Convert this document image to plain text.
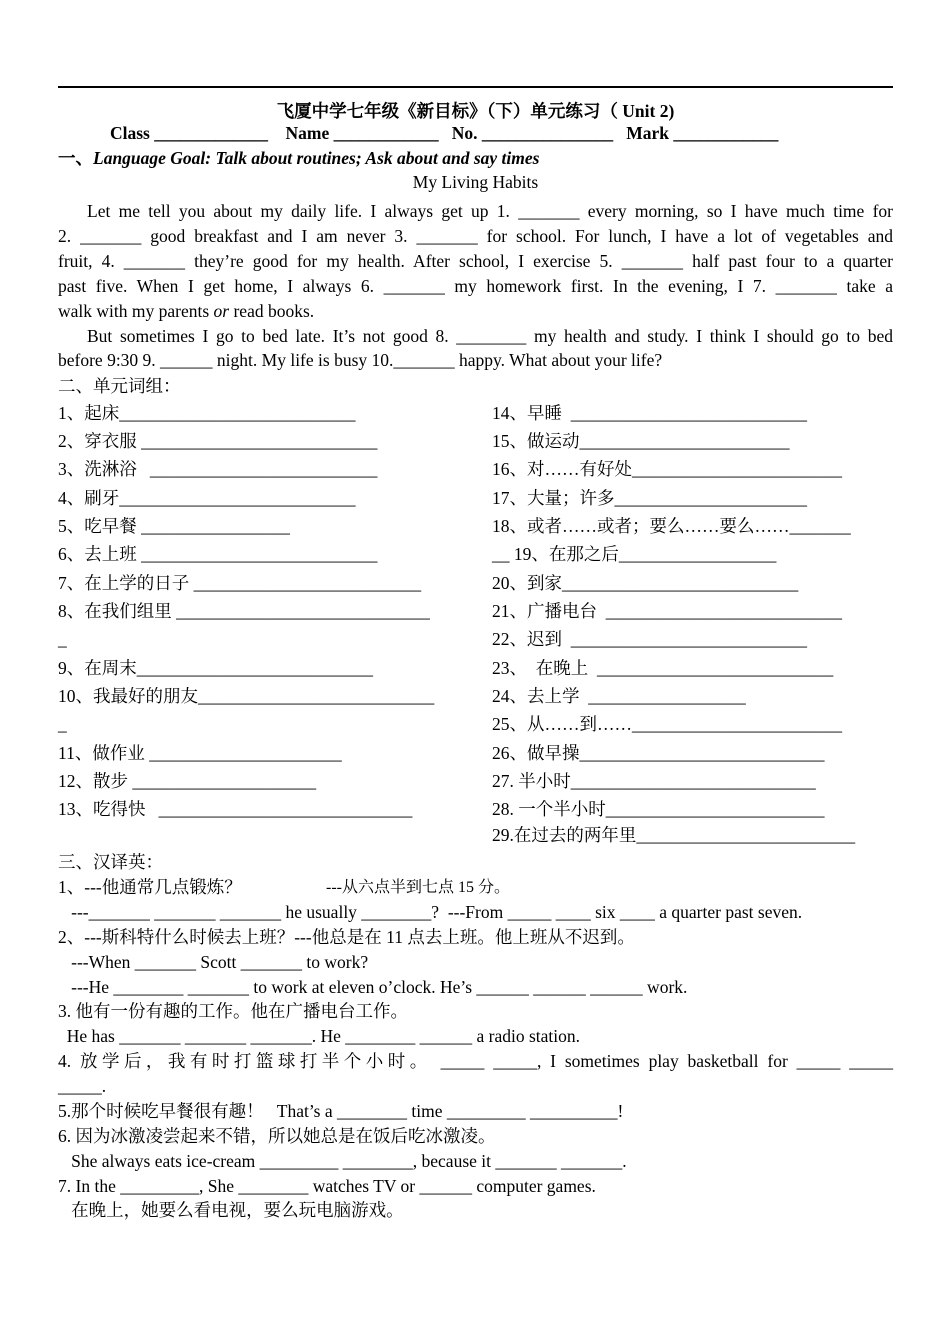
飞厦中学七年级《新目标》（下）单元练习（ Unit 2)
Class _____________    Name ____________   No. _______________   Mark ____________
一、Language Goal: Talk about routines; Ask about and say times
My Living Habits
Let me tell you about my daily life. I always get up 1. _______ every morning, so I have much time for
2. _______ good breakfast and I am never 3. _______ for school. For lunch, I have a lot of vegetables and
fruit, 4. _______ they’re good for my health. After school, I exercise 5. _______ half past four to a quarter
past five. When I get home, I always 6. _______ my homework first. In the evening, I 7. _______ take a
walk with my parents or read books.
But sometimes I go to bed late. It’s not good 8. ________ my health and study. I think I should go to bed
before 9:30 9. ______ night. My life is busy 10._______ happy. What about your life?
二、单元词组：
1、起床___________________________
2、穿衣服 ___________________________
3、洗淋浴   __________________________
4、刷牙___________________________
5、吃早餐 _________________
6、去上班 ___________________________
7、在上学的日子 __________________________
8、在我们组里 _____________________________
_
9、在周末___________________________
10、我最好的朋友___________________________
_
11、做作业 ______________________
12、散步 _____________________
13、吃得快   _____________________________
14、早睡  ___________________________
15、做运动________________________
16、对……有好处________________________
17、大量；许多______________________
18、或者……或者；要么……要么……_______
__ 19、在那之后__________________
20、到家___________________________
21、广播电台  ___________________________
22、迟到  ___________________________
23、  在晚上  ___________________________
24、去上学  __________________
25、从……到……________________________
26、做早操____________________________
27. 半小时____________________________
28. 一个半小时_________________________
29.在过去的两年里_________________________
三、汉译英：
1、---他通常几点锻炼？	---从六点半到七点 15 分。
---_______ _______ _______ he usually ________?  ---From _____ ____ six ____ a quarter past seven.
2、---斯科特什么时候去上班？---他总是在 11 点去上班。他上班从不迟到。
---When _______ Scott _______ to work?
---He ________ _______ to work at eleven o’clock. He’s ______ ______ ______ work.
3. 他有一份有趣的工作。他在广播电台工作。
He has _______ _______ _______. He ________ ______ a radio station.
4. 放学后，我有时打篮球打半个小时。 _____ _____, I sometimes play basketball for _____ _____
_____.
5.那个时候吃早餐很有趣！   That’s a ________ time _________ __________!
6. 因为冰激凌尝起来不错，所以她总是在饭后吃冰激凌。
She always eats ice-cream _________ ________, because it _______ _______.
7. In the _________, She ________ watches TV or ______ computer games.
在晚上，她要么看电视，要么玩电脑游戏。
